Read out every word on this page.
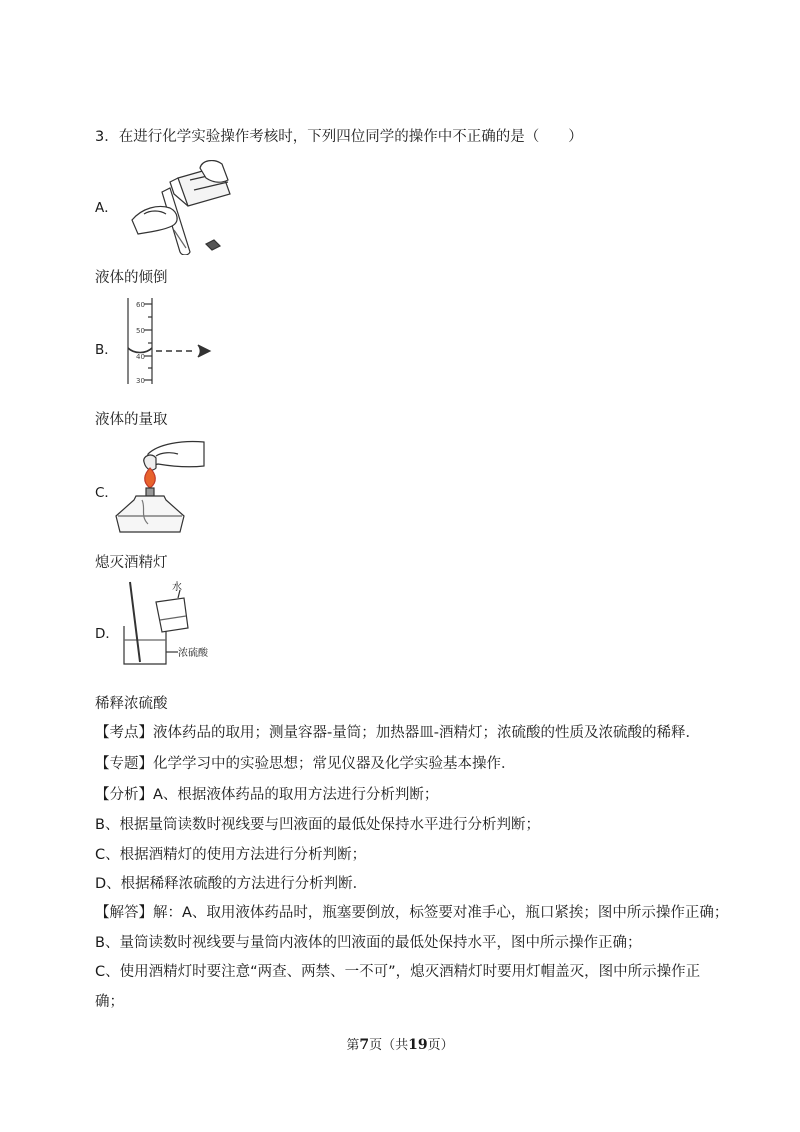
3．在进行化学实验操作考核时，下列四位同学的操作中不正确的是（　　）
A．
液体的倾倒
B．
60
50
40
30
液体的量取
C．
熄灭酒精灯
D．
水
浓硫酸
稀释浓硫酸
【考点】液体药品的取用；测量容器-量筒；加热器皿-酒精灯；浓硫酸的性质及浓硫酸的稀释．
【专题】化学学习中的实验思想；常见仪器及化学实验基本操作．
【分析】A、根据液体药品的取用方法进行分析判断；
B、根据量筒读数时视线要与凹液面的最低处保持水平进行分析判断；
C、根据酒精灯的使用方法进行分析判断；
D、根据稀释浓硫酸的方法进行分析判断．
【解答】解：A、取用液体药品时，瓶塞要倒放，标签要对准手心，瓶口紧挨；图中所示操作正确；
B、量筒读数时视线要与量筒内液体的凹液面的最低处保持水平，图中所示操作正确；
C、使用酒精灯时要注意“两查、两禁、一不可”，熄灭酒精灯时要用灯帽盖灭，图中所示操作正确；
第7页（共19页）
